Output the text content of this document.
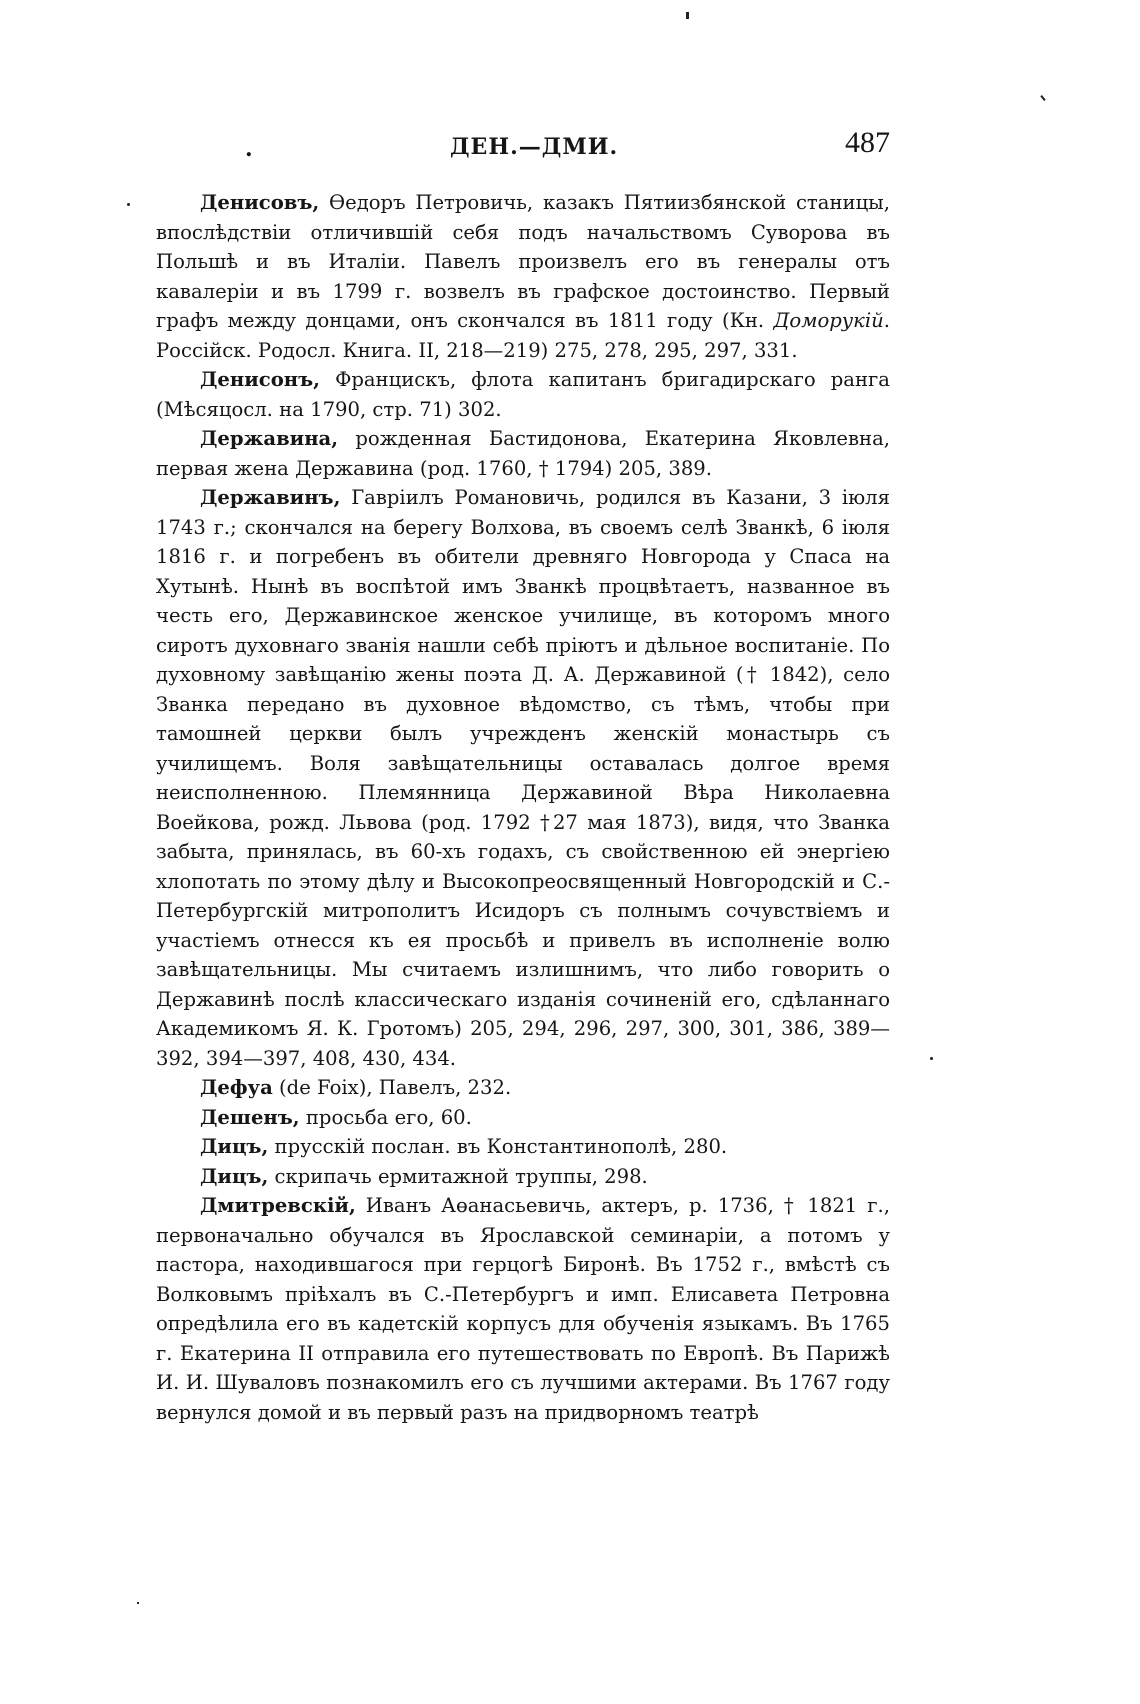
.	ДЕН.—ДМИ.	487

Денисовъ, Өедоръ Петровичь, казакъ Пятиизбянской станицы, впослѣдствіи отличившій себя подъ начальствомъ Суворова въ Польшѣ и въ Италіи. Павелъ произвелъ его въ генералы отъ кавалеріи и въ 1799 г. возвелъ въ графское достоинство. Первый графъ между донцами, онъ скончался въ 1811 году (Кн. Доморукій. Россійск. Родосл. Книга. II, 218—219) 275, 278, 295, 297, 331.

Денисонъ, Францискъ, флота капитанъ бригадирскаго ранга (Мѣсяцосл. на 1790, стр. 71) 302.

Державина, рожденная Бастидонова, Екатерина Яковлевна, первая жена Державина (род. 1760, † 1794) 205, 389.

Державинъ, Гавріилъ Романовичь, родился въ Казани, 3 іюля 1743 г.; скончался на берегу Волхова, въ своемъ селѣ Званкѣ, 6 іюля 1816 г. и погребенъ въ обители древняго Новгорода у Спаса на Хутынѣ. Нынѣ въ воспѣтой имъ Званкѣ процвѣтаетъ, названное въ честь его, Державинское женское училище, въ которомъ много сиротъ духовнаго званія нашли себѣ пріютъ и дѣльное воспитаніе. По духовному завѣщанію жены поэта Д. А. Державиной († 1842), село Званка передано въ духовное вѣдомство, съ тѣмъ, чтобы при тамошней церкви былъ учрежденъ женскій монастырь съ училищемъ. Воля завѣщательницы оставалась долгое время неисполненною. Племянница Державиной Вѣра Николаевна Воейкова, рожд. Львова (род. 1792 †27 мая 1873), видя, что Званка забыта, принялась, въ 60-хъ годахъ, съ свойственною ей энергіею хлопотать по этому дѣлу и Высокопреосвященный Новгородскій и С.-Петербургскій митрополитъ Исидоръ съ полнымъ сочувствіемъ и участіемъ отнесся къ ея просьбѣ и привелъ въ исполненіе волю завѣщательницы. Мы считаемъ излишнимъ, что либо говорить о Державинѣ послѣ классическаго изданія сочиненій его, сдѣланнаго Академикомъ Я. К. Гротомъ) 205, 294, 296, 297, 300, 301, 386, 389—392, 394—397, 408, 430, 434.

Дефуа (de Foix), Павелъ, 232.

Дешенъ, просьба его, 60.

Дицъ, прусскій послан. въ Константинополѣ, 280.

Дицъ, скрипачь ермитажной труппы, 298.

Дмитревскій, Иванъ Аөанасьевичь, актеръ, р. 1736, † 1821 г., первоначально обучался въ Ярославской семинаріи, а потомъ у пастора, находившагося при герцогѣ Биронѣ. Въ 1752 г., вмѣстѣ съ Волковымъ пріѣхалъ въ С.-Петербургъ и имп. Елисавета Петровна опредѣлила его въ кадетскій корпусъ для обученія языкамъ. Въ 1765 г. Екатерина II отправила его путешествовать по Европѣ. Въ Парижѣ И. И. Шуваловъ познакомилъ его съ лучшими актерами. Въ 1767 году вернулся домой и въ первый разъ на придворномъ театрѣ
